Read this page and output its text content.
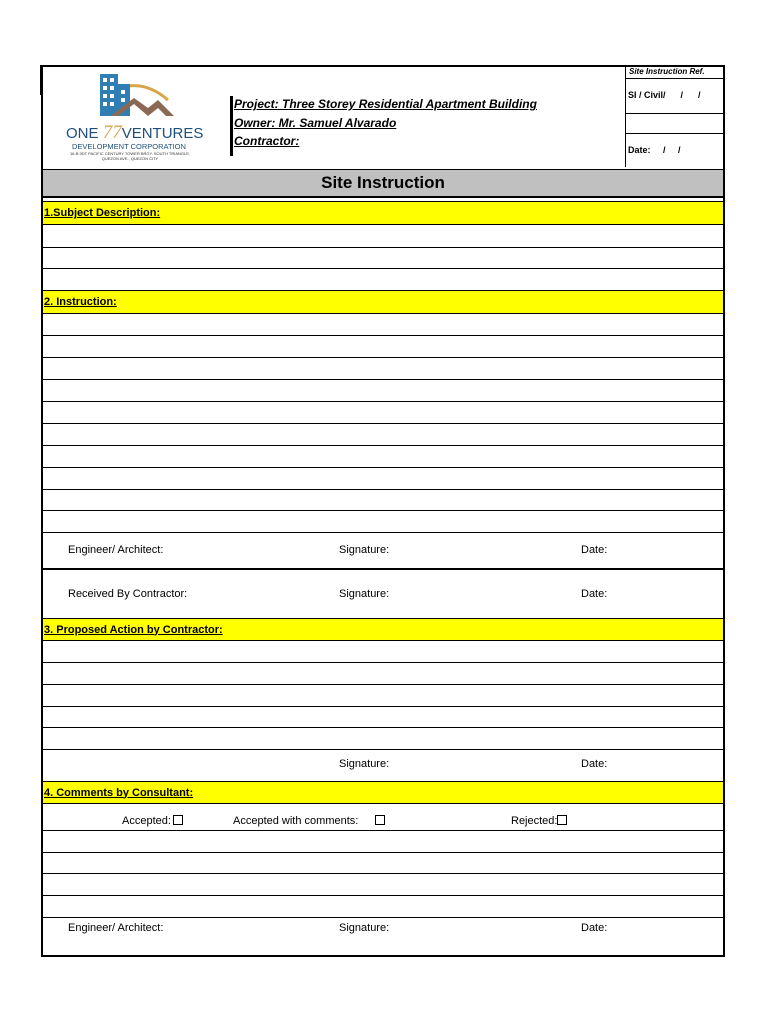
ONE 77VENTURES
DEVELOPMENT CORPORATION
16-B 9DT PACIFIC CENTURY TOWER BRGY. SOUTH TRIANGLE,
QUEZON AVE., QUEZON CITY
Project: Three Storey Residential Apartment Building
Owner: Mr. Samuel Alvarado
Contractor:
Site Instruction Ref.
SI / Civil/      /      /
Date:     /     /
Site Instruction
1.Subject Description:
2. Instruction:
Engineer/ Architect:	Signature:	Date:
Received By Contractor:	Signature:	Date:
3. Proposed Action by Contractor:
Signature:	Date:
4. Comments by Consultant:
Accepted:	Accepted with comments:	Rejected:
Engineer/ Architect:	Signature:	Date:
